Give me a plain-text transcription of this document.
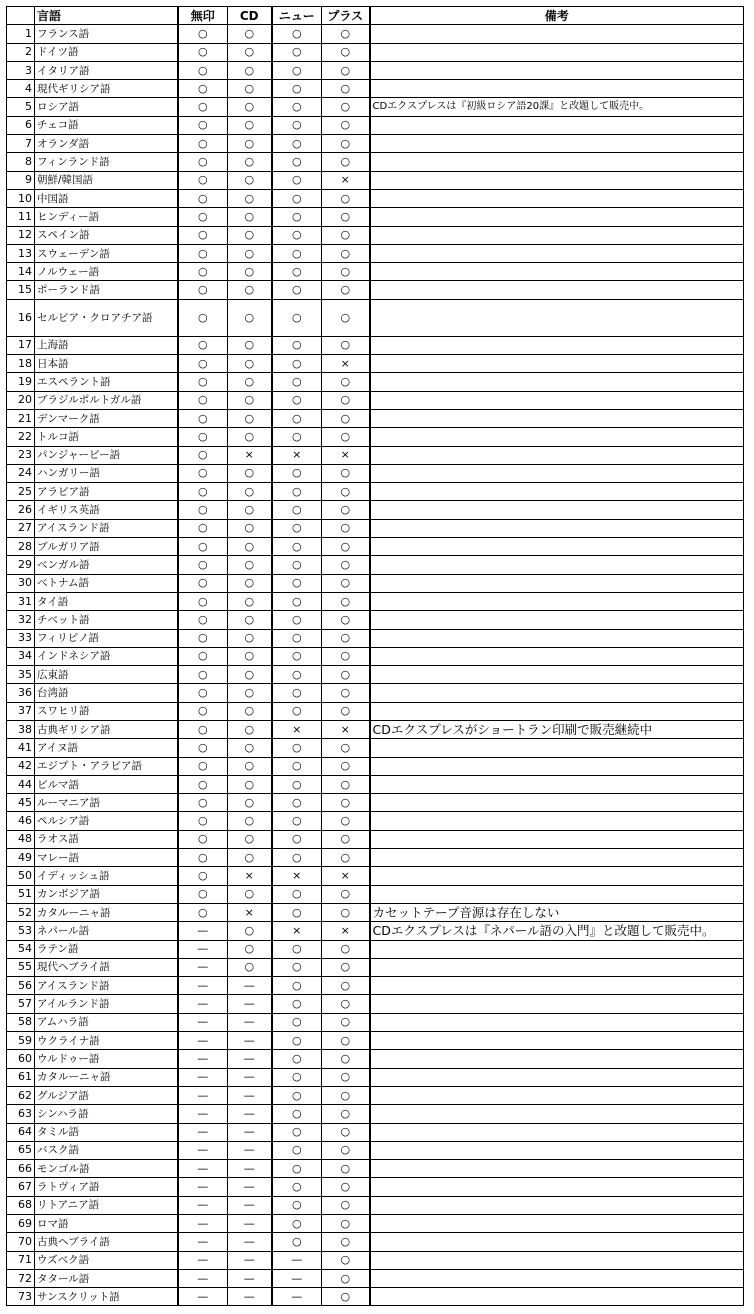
	言語	無印	CD	ニュー	プラス	備考
1	フランス語	○	○	○	○	
2	ドイツ語	○	○	○	○	
3	イタリア語	○	○	○	○	
4	現代ギリシア語	○	○	○	○	
5	ロシア語	○	○	○	○	CDエクスプレスは『初級ロシア語20課』と改題して販売中。
6	チェコ語	○	○	○	○	
7	オランダ語	○	○	○	○	
8	フィンランド語	○	○	○	○	
9	朝鮮/韓国語	○	○	○	×	
10	中国語	○	○	○	○	
11	ヒンディー語	○	○	○	○	
12	スペイン語	○	○	○	○	
13	スウェーデン語	○	○	○	○	
14	ノルウェー語	○	○	○	○	
15	ポーランド語	○	○	○	○	
16	セルビア・クロアチア語	○	○	○	○	
17	上海語	○	○	○	○	
18	日本語	○	○	○	×	
19	エスペラント語	○	○	○	○	
20	ブラジルポルトガル語	○	○	○	○	
21	デンマーク語	○	○	○	○	
22	トルコ語	○	○	○	○	
23	パンジャービー語	○	×	×	×	
24	ハンガリー語	○	○	○	○	
25	アラビア語	○	○	○	○	
26	イギリス英語	○	○	○	○	
27	アイスランド語	○	○	○	○	
28	ブルガリア語	○	○	○	○	
29	ベンガル語	○	○	○	○	
30	ベトナム語	○	○	○	○	
31	タイ語	○	○	○	○	
32	チベット語	○	○	○	○	
33	フィリピノ語	○	○	○	○	
34	インドネシア語	○	○	○	○	
35	広東語	○	○	○	○	
36	台湾語	○	○	○	○	
37	スワヒリ語	○	○	○	○	
38	古典ギリシア語	○	○	×	×	CDエクスプレスがショートラン印刷で販売継続中
41	アイヌ語	○	○	○	○	
42	エジプト・アラビア語	○	○	○	○	
44	ビルマ語	○	○	○	○	
45	ルーマニア語	○	○	○	○	
46	ペルシア語	○	○	○	○	
48	ラオス語	○	○	○	○	
49	マレー語	○	○	○	○	
50	イディッシュ語	○	×	×	×	
51	カンボジア語	○	○	○	○	
52	カタルーニャ語	○	×	○	○	カセットテープ音源は存在しない
53	ネパール語	—	○	×	×	CDエクスプレスは『ネパール語の入門』と改題して販売中。
54	ラテン語	—	○	○	○	
55	現代ヘブライ語	—	○	○	○	
56	アイスランド語	—	—	○	○	
57	アイルランド語	—	—	○	○	
58	アムハラ語	—	—	○	○	
59	ウクライナ語	—	—	○	○	
60	ウルドゥー語	—	—	○	○	
61	カタルーニャ語	—	—	○	○	
62	グルジア語	—	—	○	○	
63	シンハラ語	—	—	○	○	
64	タミル語	—	—	○	○	
65	バスク語	—	—	○	○	
66	モンゴル語	—	—	○	○	
67	ラトヴィア語	—	—	○	○	
68	リトアニア語	—	—	○	○	
69	ロマ語	—	—	○	○	
70	古典ヘブライ語	—	—	○	○	
71	ウズベク語	—	—	—	○	
72	タタール語	—	—	—	○	
73	サンスクリット語	—	—	—	○	
